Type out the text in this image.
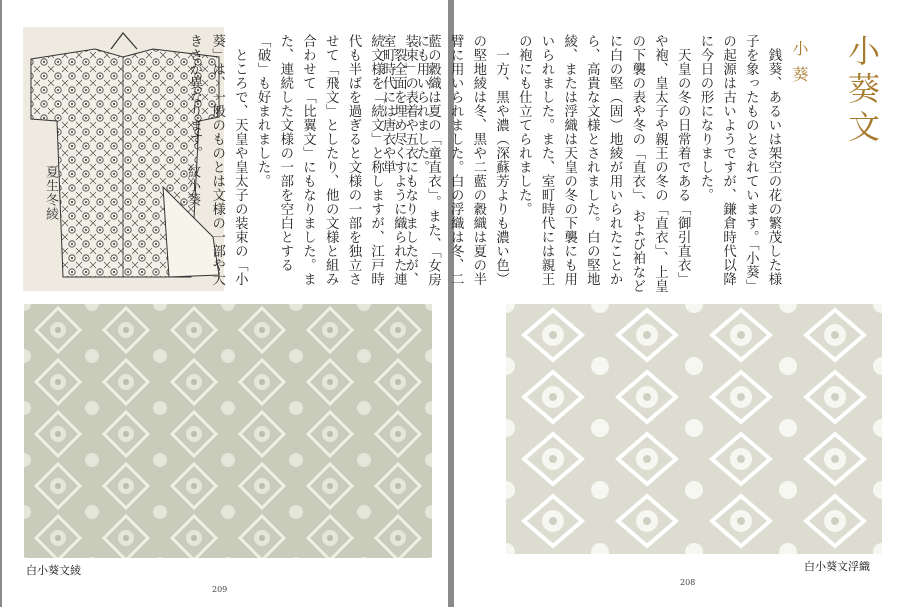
紋小葵
夏生冬綾

にも用いられました。

　裂全面を埋め尽くすように織られた連続文様を「続文」と称しますが、江戸時代も半ばを過ぎると文様の一部を独立させて「飛文」としたり、他の文様と組み合わせて「比翼文」にもなりました。また、連続した文様の一部を空白とする「破」も好まれました。

　ところで、天皇や皇太子の装束の「小葵」は、一般のものとは文様の一部や大きさが異なります。

白小葵文綾
209
小葵文
小葵

　銭葵、あるいは架空の花の繁茂した様子を象ったものとされています。「小葵」の起源は古いようですが、鎌倉時代以降に今日の形になりました。

　天皇の冬の日常着である「御引直衣」や袍、皇太子や親王の冬の「直衣」、上皇の下襲の表や冬の「直衣」、および袙などに白の堅（固）地綾が用いられたことから、高貴な文様とされました。白の堅地綾、または浮織は天皇の冬の下襲にも用いられました。また、室町時代には親王の袍にも仕立てられました。

　一方、黒や濃（深蘇芳よりも濃い色）の堅地綾は冬、黒や二藍の縠織は夏の半臂に用いられました。白の浮織は冬、二藍の縠織は夏の「童直衣」。また、「女房装束」の表着や五衣にもなりましたが、室町時代には唐衣や単

白小葵文浮織
208
